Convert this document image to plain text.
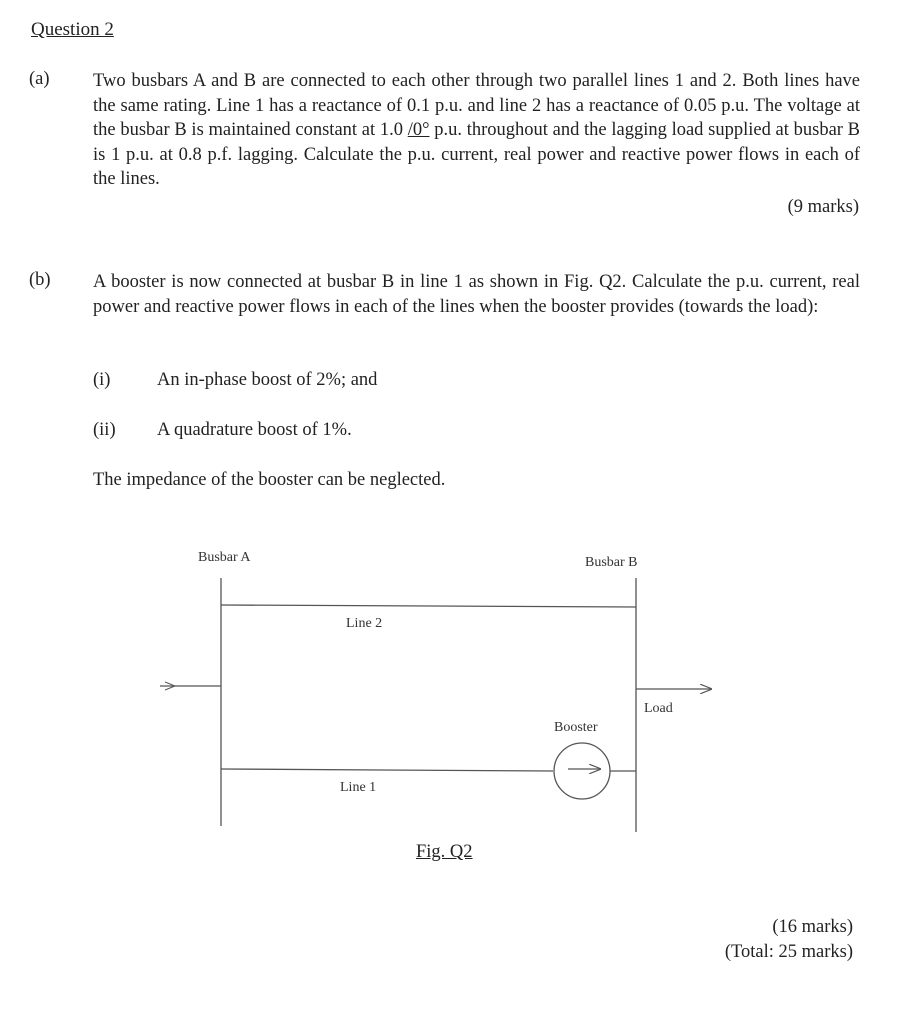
Question 2
(a) Two busbars A and B are connected to each other through two parallel lines 1 and 2. Both lines have the same rating. Line 1 has a reactance of 0.1 p.u. and line 2 has a reactance of 0.05 p.u. The voltage at the busbar B is maintained constant at 1.0 /0° p.u. throughout and the lagging load supplied at busbar B is 1 p.u. at 0.8 p.f. lagging. Calculate the p.u. current, real power and reactive power flows in each of the lines.
(9 marks)
(b) A booster is now connected at busbar B in line 1 as shown in Fig. Q2. Calculate the p.u. current, real power and reactive power flows in each of the lines when the booster provides (towards the load):
(i)	An in-phase boost of 2%; and
(ii) A quadrature boost of 1%.
The impedance of the booster can be neglected.
Busbar A	Busbar B
Line 2
Line 1
Booster
Load
Fig. Q2
(16 marks)
(Total: 25 marks)
